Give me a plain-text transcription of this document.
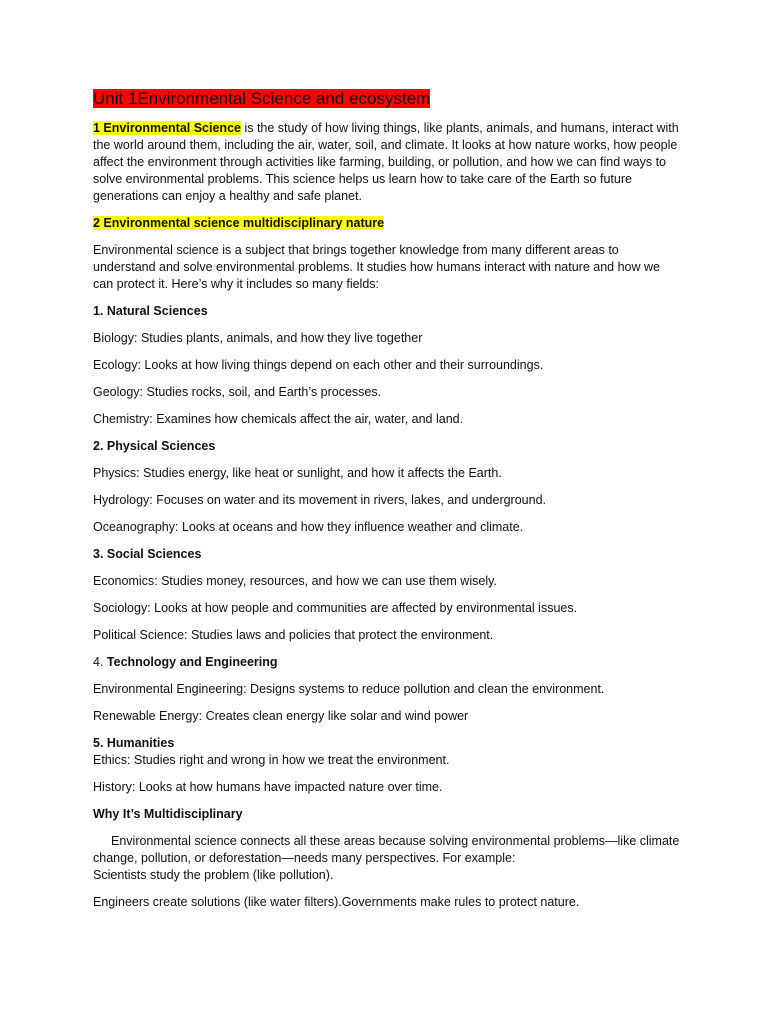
Unit 1Environmental Science and ecosystem

1 Environmental Science is the study of how living things, like plants, animals, and humans, interact with the world around them, including the air, water, soil, and climate. It looks at how nature works, how people affect the environment through activities like farming, building, or pollution, and how we can find ways to solve environmental problems. This science helps us learn how to take care of the Earth so future generations can enjoy a healthy and safe planet.

2 Environmental science multidisciplinary nature

Environmental science is a subject that brings together knowledge from many different areas to understand and solve environmental problems. It studies how humans interact with nature and how we can protect it. Here’s why it includes so many fields:

1. Natural Sciences

Biology: Studies plants, animals, and how they live together

Ecology: Looks at how living things depend on each other and their surroundings.

Geology: Studies rocks, soil, and Earth’s processes.

Chemistry: Examines how chemicals affect the air, water, and land.

2. Physical Sciences

Physics: Studies energy, like heat or sunlight, and how it affects the Earth.

Hydrology: Focuses on water and its movement in rivers, lakes, and underground.

Oceanography: Looks at oceans and how they influence weather and climate.

3. Social Sciences

Economics: Studies money, resources, and how we can use them wisely.

Sociology: Looks at how people and communities are affected by environmental issues.

Political Science: Studies laws and policies that protect the environment.

4. Technology and Engineering

Environmental Engineering: Designs systems to reduce pollution and clean the environment.

Renewable Energy: Creates clean energy like solar and wind power

5. Humanities

Ethics: Studies right and wrong in how we treat the environment.

History: Looks at how humans have impacted nature over time.

Why It’s Multidisciplinary

Environmental science connects all these areas because solving environmental problems—like climate change, pollution, or deforestation—needs many perspectives. For example:

Scientists study the problem (like pollution).

Engineers create solutions (like water filters).Governments make rules to protect nature.
